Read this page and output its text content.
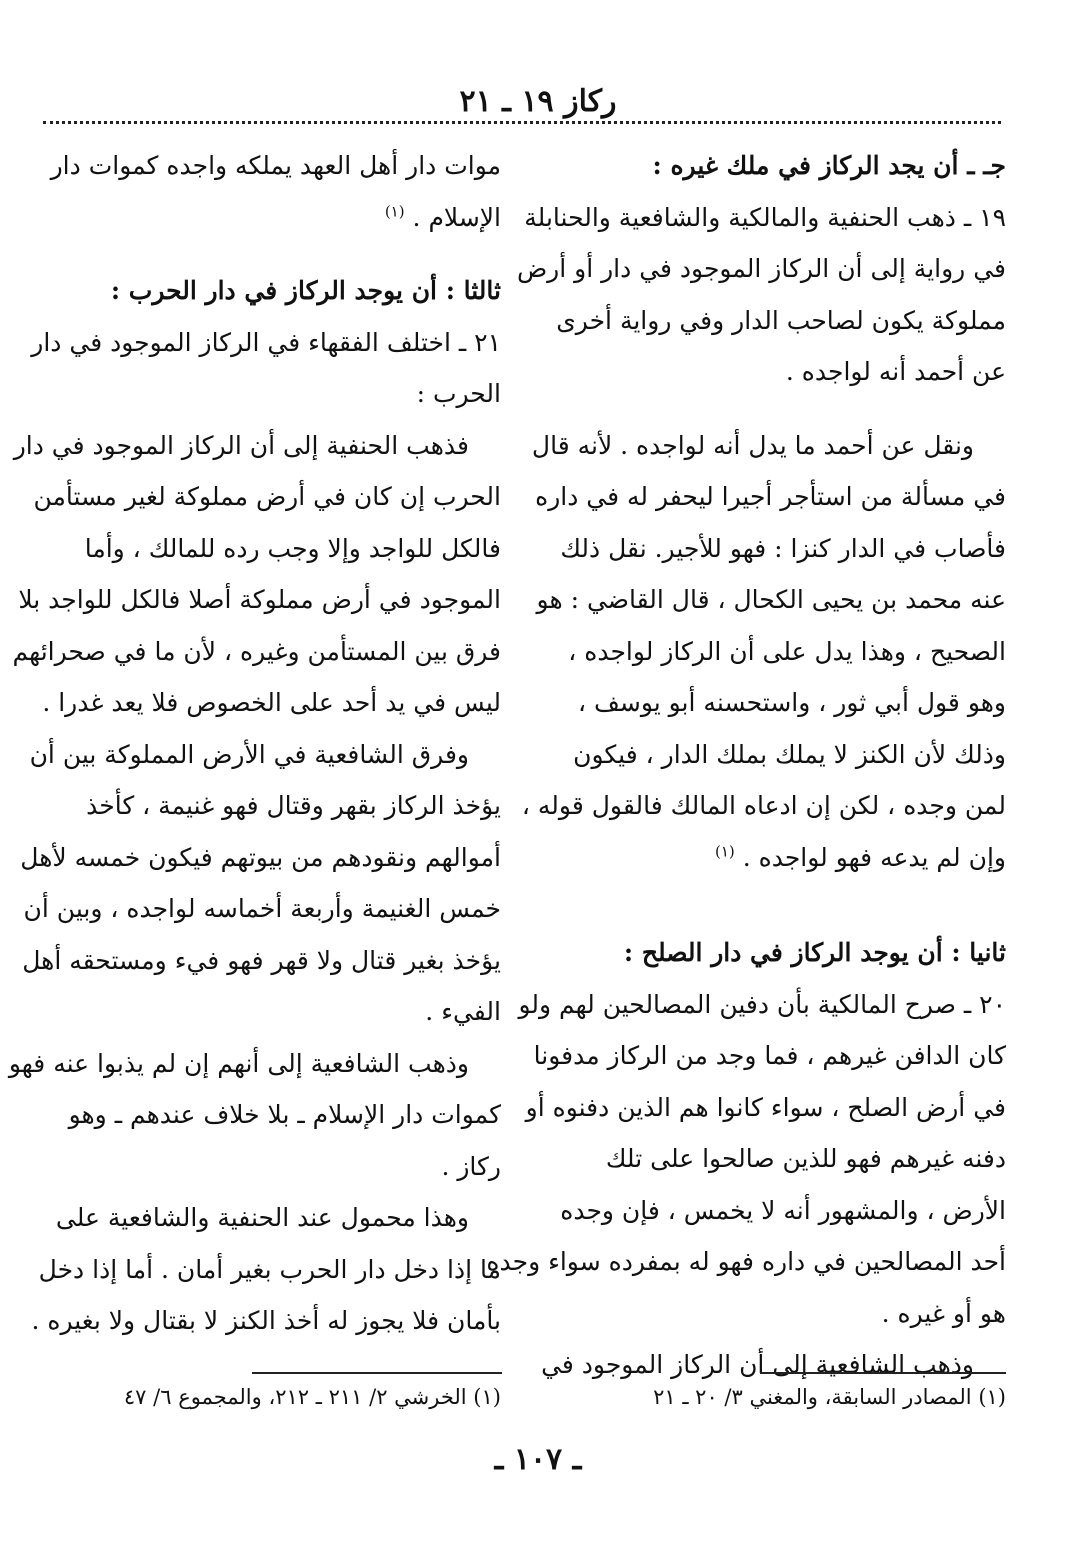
ركاز ١٩ ـ ٢١
جـ ـ أن يجد الركاز في ملك غيره :
١٩ ـ ذهب الحنفية والمالكية والشافعية والحنابلة
في رواية إلى أن الركاز الموجود في دار أو أرض
مملوكة يكون لصاحب الدار وفي رواية أخرى
عن أحمد أنه لواجده .
ونقل عن أحمد ما يدل أنه لواجده . لأنه قال
في مسألة من استأجر أجيرا ليحفر له في داره
فأصاب في الدار كنزا : فهو للأجير. نقل ذلك
عنه محمد بن يحيى الكحال ، قال القاضي : هو
الصحيح ، وهذا يدل على أن الركاز لواجده ،
وهو قول أبي ثور ، واستحسنه أبو يوسف ،
وذلك لأن الكنز لا يملك بملك الدار ، فيكون
لمن وجده ، لكن إن ادعاه المالك فالقول قوله ،
وإن لم يدعه فهو لواجده . $^{(١)}$
ثانيا : أن يوجد الركاز في دار الصلح :
٢٠ ـ صرح المالكية بأن دفين المصالحين لهم ولو
كان الدافن غيرهم ، فما وجد من الركاز مدفونا
في أرض الصلح ، سواء كانوا هم الذين دفنوه أو
دفنه غيرهم فهو للذين صالحوا على تلك
الأرض ، والمشهور أنه لا يخمس ، فإن وجده
أحد المصالحين في داره فهو له بمفرده سواء وجده
هو أو غيره .
وذهب الشافعية إلى أن الركاز الموجود في
موات دار أهل العهد يملكه واجده كموات دار
الإسلام . $^{(١)}$
ثالثا : أن يوجد الركاز في دار الحرب :
٢١ ـ اختلف الفقهاء في الركاز الموجود في دار
الحرب :
فذهب الحنفية إلى أن الركاز الموجود في دار
الحرب إن كان في أرض مملوكة لغير مستأمن
فالكل للواجد وإلا وجب رده للمالك ، وأما
الموجود في أرض مملوكة أصلا فالكل للواجد بلا
فرق بين المستأمن وغيره ، لأن ما في صحرائهم
ليس في يد أحد على الخصوص فلا يعد غدرا .
وفرق الشافعية في الأرض المملوكة بين أن
يؤخذ الركاز بقهر وقتال فهو غنيمة ، كأخذ
أموالهم ونقودهم من بيوتهم فيكون خمسه لأهل
خمس الغنيمة وأربعة أخماسه لواجده ، وبين أن
يؤخذ بغير قتال ولا قهر فهو فيء ومستحقه أهل
الفيء .
وذهب الشافعية إلى أنهم إن لم يذبوا عنه فهو
كموات دار الإسلام ـ بلا خلاف عندهم ـ وهو
ركاز .
وهذا محمول عند الحنفية والشافعية على
ما إذا دخل دار الحرب بغير أمان . أما إذا دخل
بأمان فلا يجوز له أخذ الكنز لا بقتال ولا بغيره .
(١) المصادر السابقة، والمغني ٣/ ٢٠ ـ ٢١
(١) الخرشي ٢/ ٢١١ ـ ٢١٢، والمجموع ٦/ ٤٧
ـ ١٠٧ ـ
